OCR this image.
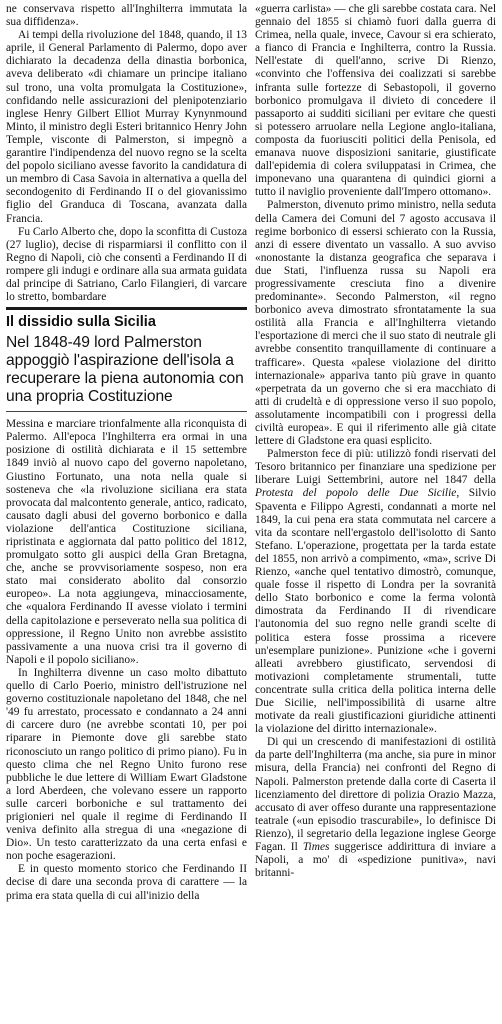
ne conservava rispetto all'Inghilterra immutata la sua diffidenza».

Ai tempi della rivoluzione del 1848, quando, il 13 aprile, il General Parlamento di Palermo, dopo aver dichiarato la decadenza della dinastia borbonica, aveva deliberato «di chiamare un principe italiano sul trono, una volta promulgata la Costituzione», confidando nelle assicurazioni del plenipotenziario inglese Henry Gilbert Elliot Murray Kynynmound Minto, il ministro degli Esteri britannico Henry John Temple, visconte di Palmerston, si impegnò a garantire l'indipendenza del nuovo regno se la scelta del popolo siciliano avesse favorito la candidatura di un membro di Casa Savoia in alternativa a quella del secondogenito di Ferdinando II o del giovanissimo figlio del Granduca di Toscana, avanzata dalla Francia.

Fu Carlo Alberto che, dopo la sconfitta di Custoza (27 luglio), decise di risparmiarsi il conflitto con il Regno di Napoli, ciò che consentì a Ferdinando II di rompere gli indugi e ordinare alla sua armata guidata dal principe di Satriano, Carlo Filangieri, di varcare lo stretto, bombardare

Il dissidio sulla Sicilia
Nel 1848-49 lord Palmerston appoggiò l'aspirazione dell'isola a recuperare la piena autonomia con una propria Costituzione

Messina e marciare trionfalmente alla riconquista di Palermo. All'epoca l'Inghilterra era ormai in una posizione di ostilità dichiarata e il 15 settembre 1849 inviò al nuovo capo del governo napoletano, Giustino Fortunato, una nota nella quale si sosteneva che «la rivoluzione siciliana era stata provocata dal malcontento generale, antico, radicato, causato dagli abusi del governo borbonico e dalla violazione dell'antica Costituzione siciliana, ripristinata e aggiornata dal patto politico del 1812, promulgato sotto gli auspici della Gran Bretagna, che, anche se provvisoriamente sospeso, non era stato mai considerato abolito dal consorzio europeo». La nota aggiungeva, minacciosamente, che «qualora Ferdinando II avesse violato i termini della capitolazione e perseverato nella sua politica di oppressione, il Regno Unito non avrebbe assistito passivamente a una nuova crisi tra il governo di Napoli e il popolo siciliano».

In Inghilterra divenne un caso molto dibattuto quello di Carlo Poerio, ministro dell'istruzione nel governo costituzionale napoletano del 1848, che nel '49 fu arrestato, processato e condannato a 24 anni di carcere duro (ne avrebbe scontati 10, per poi riparare in Piemonte dove gli sarebbe stato riconosciuto un rango politico di primo piano). Fu in questo clima che nel Regno Unito furono rese pubbliche le due lettere di William Ewart Gladstone a lord Aberdeen, che volevano essere un rapporto sulle carceri borboniche e sul trattamento dei prigionieri nel quale il regime di Ferdinando II veniva definito alla stregua di una «negazione di Dio». Un testo caratterizzato da una certa enfasi e non poche esagerazioni.

E in questo momento storico che Ferdinando II decise di dare una seconda prova di carattere — la prima era stata quella di cui all'inizio della

«guerra carlista» — che gli sarebbe costata cara. Nel gennaio del 1855 si chiamò fuori dalla guerra di Crimea, nella quale, invece, Cavour si era schierato, a fianco di Francia e Inghilterra, contro la Russia. Nell'estate di quell'anno, scrive Di Rienzo, «convinto che l'offensiva dei coalizzati si sarebbe infranta sulle fortezze di Sebastopoli, il governo borbonico promulgava il divieto di concedere il passaporto ai sudditi siciliani per evitare che questi si potessero arruolare nella Legione anglo-italiana, composta da fuoriusciti politici della Penisola, ed emanava nuove disposizioni sanitarie, giustificate dall'epidemia di colera sviluppatasi in Crimea, che imponevano una quarantena di quindici giorni a tutto il naviglio proveniente dall'Impero ottomano».

Palmerston, divenuto primo ministro, nella seduta della Camera dei Comuni del 7 agosto accusava il regime borbonico di essersi schierato con la Russia, anzi di essere diventato un vassallo. A suo avviso «nonostante la distanza geografica che separava i due Stati, l'influenza russa su Napoli era progressivamente cresciuta fino a divenire predominante». Secondo Palmerston, «il regno borbonico aveva dimostrato sfrontatamente la sua ostilità alla Francia e all'Inghilterra vietando l'esportazione di merci che il suo stato di neutrale gli avrebbe consentito tranquillamente di continuare a trafficare». Questa «palese violazione del diritto internazionale» appariva tanto più grave in quanto «perpetrata da un governo che si era macchiato di atti di crudeltà e di oppressione verso il suo popolo, assolutamente incompatibili con i progressi della civiltà europea». E qui il riferimento alle già citate lettere di Gladstone era quasi esplicito.

Palmerston fece di più: utilizzò fondi riservati del Tesoro britannico per finanziare una spedizione per liberare Luigi Settembrini, autore nel 1847 della Protesta del popolo delle Due Sicilie, Silvio Spaventa e Filippo Agresti, condannati a morte nel 1849, la cui pena era stata commutata nel carcere a vita da scontare nell'ergastolo dell'isolotto di Santo Stefano. L'operazione, progettata per la tarda estate del 1855, non arrivò a compimento, «ma», scrive Di Rienzo, «anche quel tentativo dimostrò, comunque, quale fosse il rispetto di Londra per la sovranità dello Stato borbonico e come la ferma volontà dimostrata da Ferdinando II di rivendicare l'autonomia del suo regno nelle grandi scelte di politica estera fosse prossima a ricevere un'esemplare punizione». Punizione «che i governi alleati avrebbero giustificato, servendosi di motivazioni completamente strumentali, tutte concentrate sulla critica della politica interna delle Due Sicilie, nell'impossibilità di usarne altre motivate da reali giustificazioni giuridiche attinenti la violazione del diritto internazionale».

Di qui un crescendo di manifestazioni di ostilità da parte dell'Inghilterra (ma anche, sia pure in minor misura, della Francia) nei confronti del Regno di Napoli. Palmerston pretende dalla corte di Caserta il licenziamento del direttore di polizia Orazio Mazza, accusato di aver offeso durante una rappresentazione teatrale («un episodio trascurabile», lo definisce Di Rienzo), il segretario della legazione inglese George Fagan. Il Times suggerisce addirittura di inviare a Napoli, a mo' di «spedizione punitiva», navi britanni-
